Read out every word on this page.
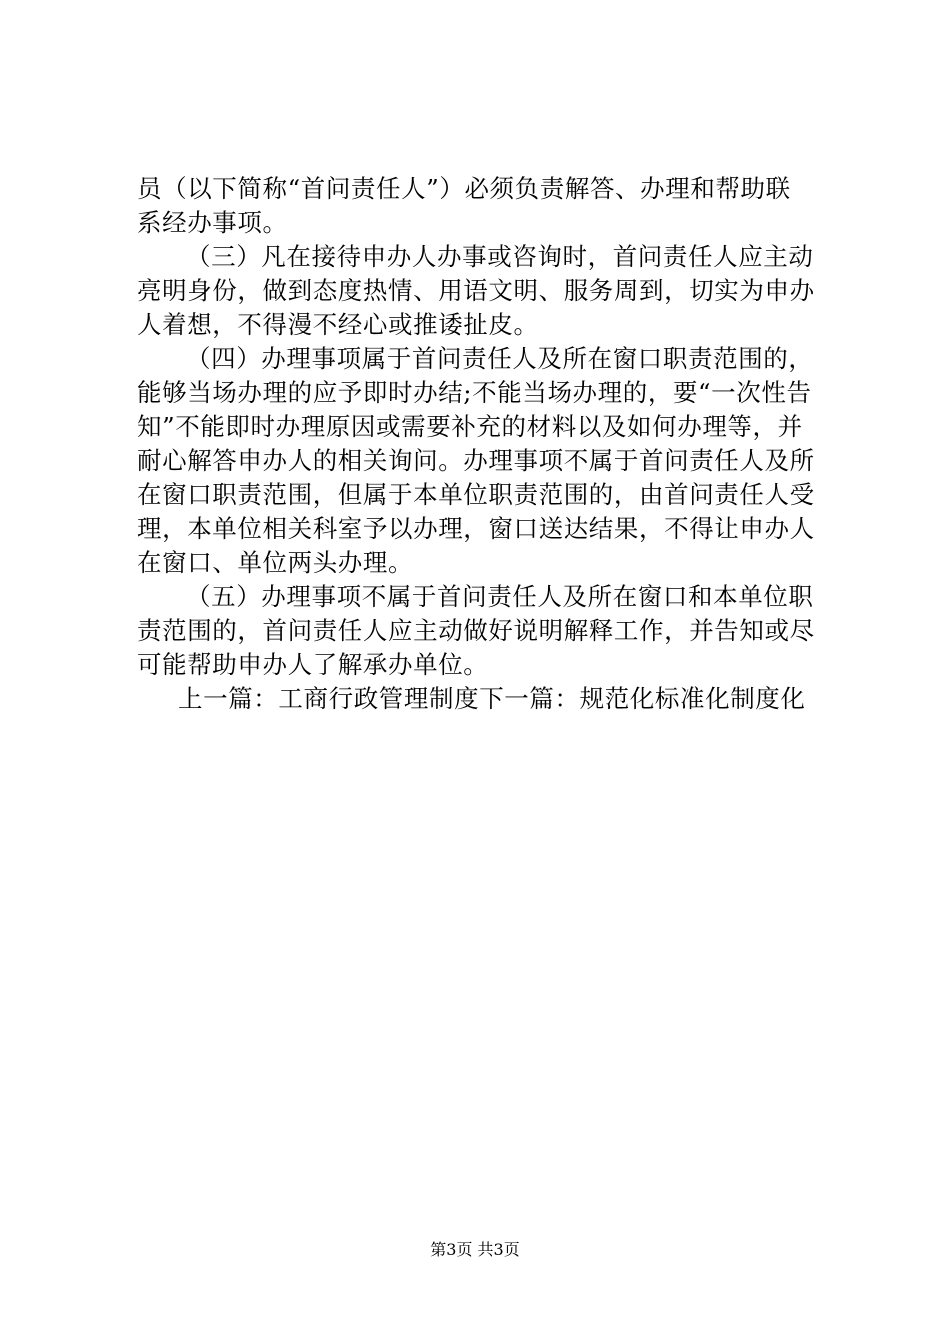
员（以下简称“首问责任人”）必须负责解答、办理和帮助联
系经办事项。
（三）凡在接待申办人办事或咨询时，首问责任人应主动
亮明身份，做到态度热情、用语文明、服务周到，切实为申办
人着想，不得漫不经心或推诿扯皮。
（四）办理事项属于首问责任人及所在窗口职责范围的，
能够当场办理的应予即时办结;不能当场办理的，要“一次性告
知”不能即时办理原因或需要补充的材料以及如何办理等，并
耐心解答申办人的相关询问。办理事项不属于首问责任人及所
在窗口职责范围，但属于本单位职责范围的，由首问责任人受
理，本单位相关科室予以办理，窗口送达结果，不得让申办人
在窗口、单位两头办理。
（五）办理事项不属于首问责任人及所在窗口和本单位职
责范围的，首问责任人应主动做好说明解释工作，并告知或尽
可能帮助申办人了解承办单位。
上一篇：工商行政管理制度下一篇：规范化标准化制度化
第3页 共3页
